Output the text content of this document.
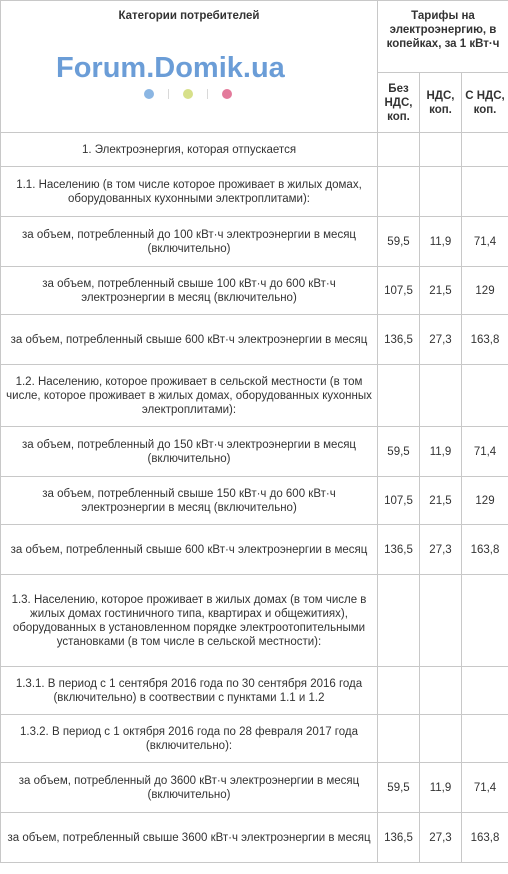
Категории потребителей	Тарифы на электроэнергию, в копейках, за 1 кВт·ч		
	Без НДС, коп.	НДС, коп.	С НДС, коп.
1. Электроэнергия, которая отпускается			
1.1. Населению (в том числе которое проживает в жилых домах, оборудованных кухонными электроплитами):			
за объем, потребленный до 100 кВт·ч электроэнергии в месяц (включительно)	59,5	11,9	71,4
за объем, потребленный свыше 100 кВт·ч до 600 кВт·ч электроэнергии в месяц (включительно)	107,5	21,5	129
за объем, потребленный свыше 600 кВт·ч электроэнергии в месяц	136,5	27,3	163,8
1.2. Населению, которое проживает в сельской местности (в том числе, которое проживает в жилых домах, оборудованных кухонных электроплитами):			
за объем, потребленный до 150 кВт·ч электроэнергии в месяц (включительно)	59,5	11,9	71,4
за объем, потребленный свыше 150 кВт·ч до 600 кВт·ч электроэнергии в месяц (включительно)	107,5	21,5	129
за объем, потребленный свыше 600 кВт·ч электроэнергии в месяц	136,5	27,3	163,8
1.3. Населению, которое проживает в жилых домах (в том числе в жилых домах гостиничного типа, квартирах и общежитиях), оборудованных в установленном порядке электроотопительными установками (в том числе в сельской местности):			
1.3.1. В период с 1 сентября 2016 года по 30 сентября 2016 года (включительно) в соотвествии с пунктами 1.1 и 1.2			
1.3.2. В период с 1 октября 2016 года по 28 февраля 2017 года (включительно):			
за объем, потребленный до 3600 кВт·ч электроэнергии в месяц (включительно)	59,5	11,9	71,4
за объем, потребленный свыше 3600 кВт·ч электроэнергии в месяц	136,5	27,3	163,8
Forum.Domik.ua
